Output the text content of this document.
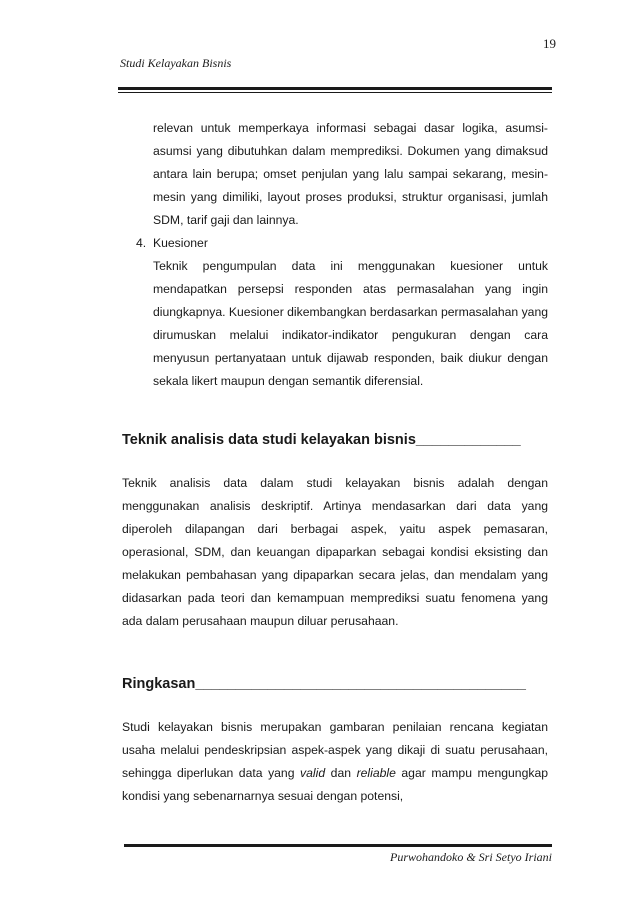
19
Studi Kelayakan Bisnis

relevan untuk memperkaya informasi sebagai dasar logika, asumsi-asumsi yang dibutuhkan dalam memprediksi. Dokumen yang dimaksud antara lain berupa; omset penjulan yang lalu sampai sekarang, mesin-mesin yang dimiliki, layout proses produksi, struktur organisasi, jumlah SDM, tarif gaji dan lainnya.

4. Kuesioner
Teknik pengumpulan data ini menggunakan kuesioner untuk mendapatkan persepsi responden atas permasalahan yang ingin diungkapnya. Kuesioner dikembangkan berdasarkan permasalahan yang dirumuskan melalui indikator-indikator pengukuran dengan cara menyusun pertanyataan untuk dijawab responden, baik diukur dengan sekala likert maupun dengan semantik diferensial.
Teknik analisis data studi kelayakan bisnis_____________

Teknik analisis data dalam studi kelayakan bisnis adalah dengan menggunakan analisis deskriptif. Artinya mendasarkan dari data yang diperoleh dilapangan dari berbagai aspek, yaitu aspek pemasaran, operasional, SDM, dan keuangan dipaparkan sebagai kondisi eksisting dan melakukan pembahasan yang dipaparkan secara jelas, dan mendalam yang didasarkan pada teori dan kemampuan memprediksi suatu fenomena yang ada dalam perusahaan maupun diluar perusahaan.

Ringkasan_________________________________________

Studi kelayakan bisnis merupakan gambaran penilaian rencana kegiatan usaha melalui pendeskripsian aspek-aspek yang dikaji di suatu perusahaan, sehingga diperlukan data yang valid dan reliable agar mampu mengungkap kondisi yang sebenarnarnya sesuai dengan potensi,

Purwohandoko & Sri Setyo Iriani
